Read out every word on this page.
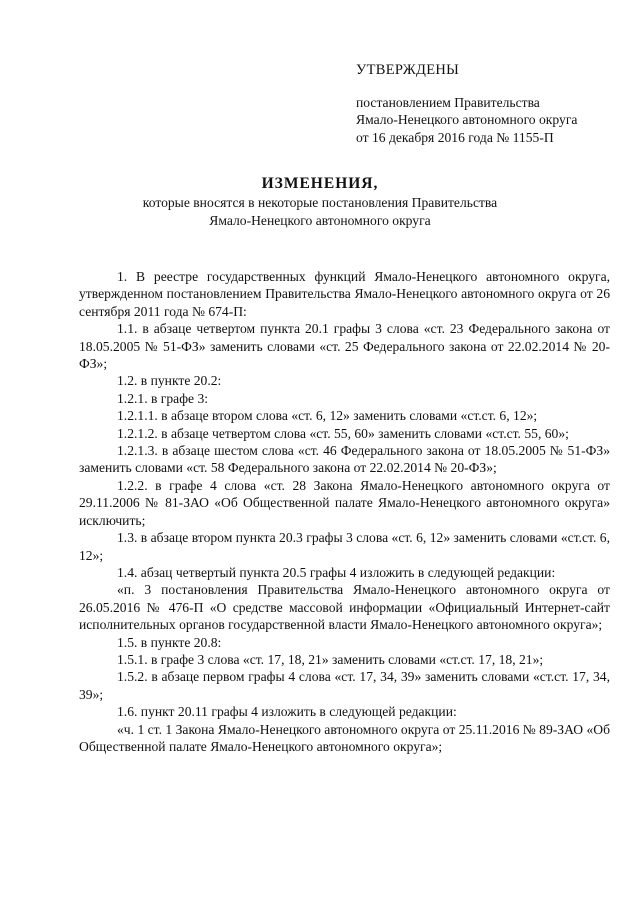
УТВЕРЖДЕНЫ
постановлением Правительства
Ямало-Ненецкого автономного округа
от 16 декабря 2016 года № 1155-П
ИЗМЕНЕНИЯ,
которые вносятся в некоторые постановления Правительства
Ямало-Ненецкого автономного округа

1. В реестре государственных функций Ямало-Ненецкого автономного округа, утвержденном постановлением Правительства Ямало-Ненецкого автономного округа от 26 сентября 2011 года № 674-П:

1.1. в абзаце четвертом пункта 20.1 графы 3 слова «ст. 23 Федерального закона от 18.05.2005 № 51-ФЗ» заменить словами «ст. 25 Федерального закона от 22.02.2014 № 20-ФЗ»;

1.2. в пункте 20.2:

1.2.1. в графе 3:

1.2.1.1. в абзаце втором слова «ст. 6, 12» заменить словами «ст.ст. 6, 12»;

1.2.1.2. в абзаце четвертом слова «ст. 55, 60» заменить словами «ст.ст. 55, 60»;

1.2.1.3. в абзаце шестом слова «ст. 46 Федерального закона от 18.05.2005 № 51-ФЗ» заменить словами «ст. 58 Федерального закона от 22.02.2014 № 20-ФЗ»;

1.2.2. в графе 4 слова «ст. 28 Закона Ямало-Ненецкого автономного округа от 29.11.2006 № 81-ЗАО «Об Общественной палате Ямало-Ненецкого автономного округа» исключить;

1.3. в абзаце втором пункта 20.3 графы 3 слова «ст. 6, 12» заменить словами «ст.ст. 6, 12»;

1.4. абзац четвертый пункта 20.5 графы 4 изложить в следующей редакции:

«п. 3 постановления Правительства Ямало-Ненецкого автономного округа от 26.05.2016 № 476-П «О средстве массовой информации «Официальный Интернет-сайт исполнительных органов государственной власти Ямало-Ненецкого автономного округа»;

1.5. в пункте 20.8:

1.5.1. в графе 3 слова «ст. 17, 18, 21» заменить словами «ст.ст. 17, 18, 21»;

1.5.2. в абзаце первом графы 4 слова «ст. 17, 34, 39» заменить словами «ст.ст. 17, 34, 39»;

1.6. пункт 20.11 графы 4 изложить в следующей редакции:

«ч. 1 ст. 1 Закона Ямало-Ненецкого автономного округа от 25.11.2016 № 89-ЗАО «Об Общественной палате Ямало-Ненецкого автономного округа»;
